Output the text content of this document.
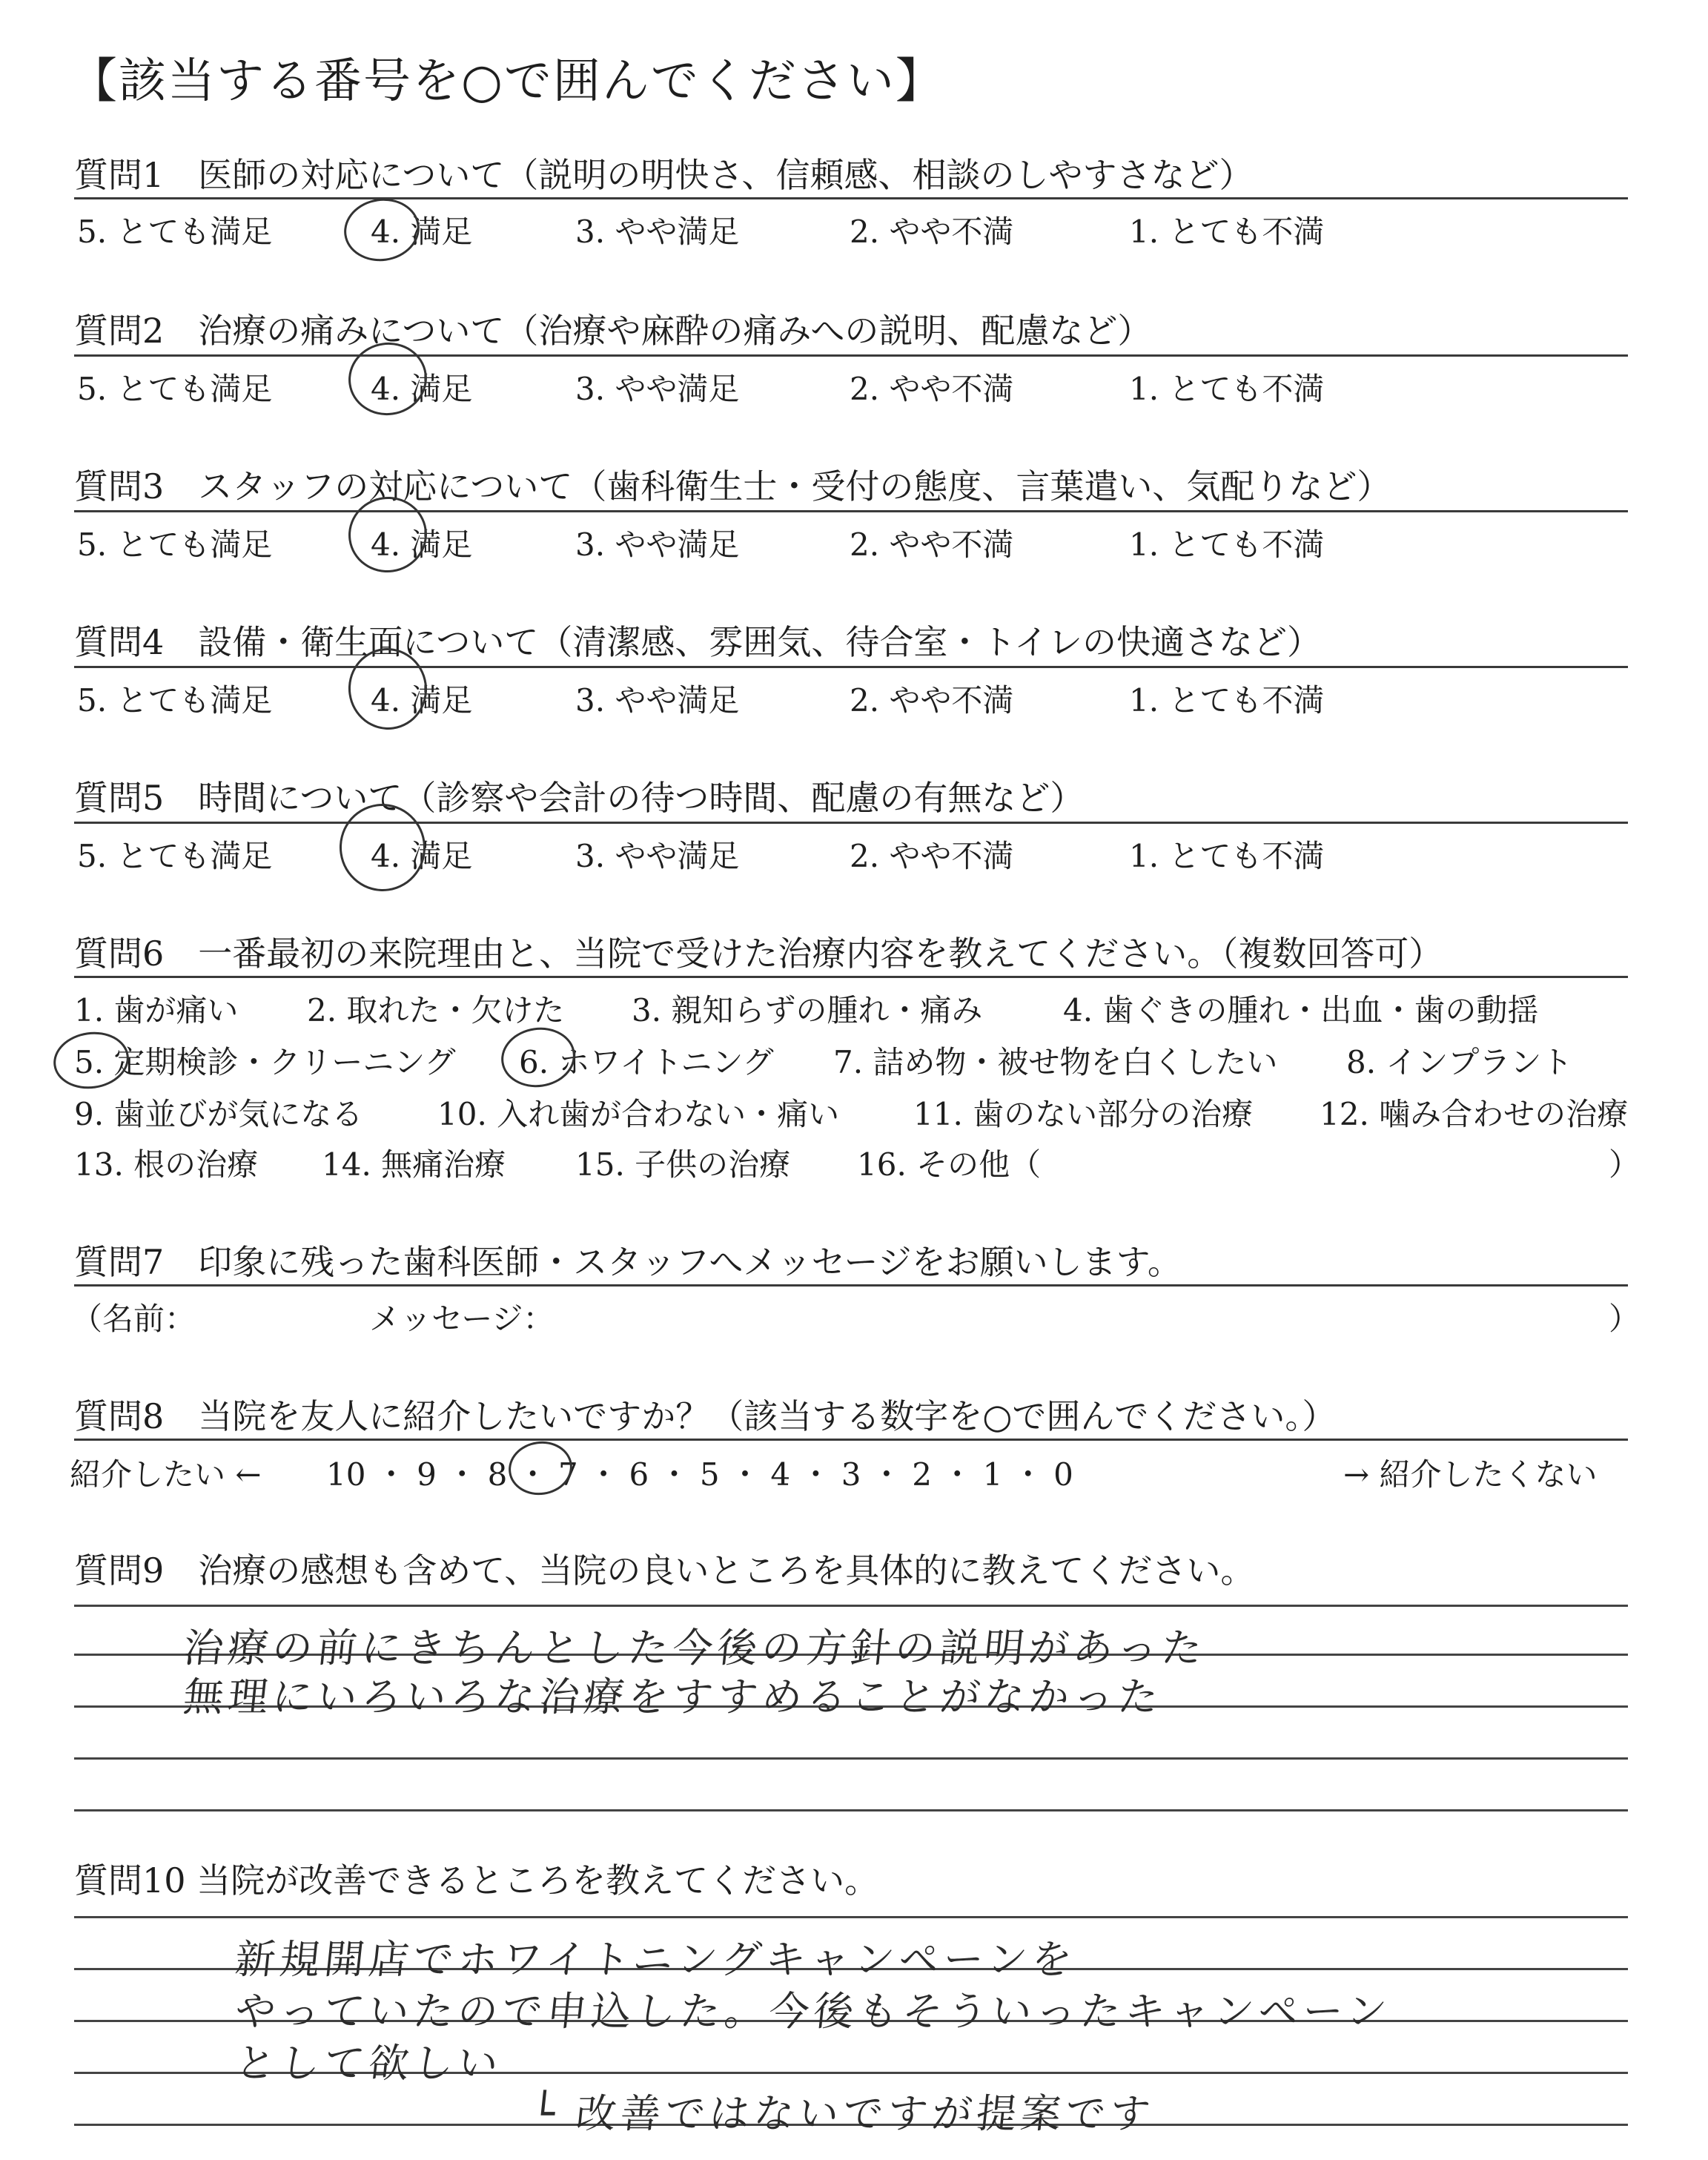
【該当する番号を○で囲んでください】
質問1　医師の対応について（説明の明快さ、信頼感、相談のしやすさなど）
5. とても満足	4. 満足	3. やや満足	2. やや不満	1. とても不満
質問2　治療の痛みについて（治療や麻酔の痛みへの説明、配慮など）
5. とても満足	4. 満足	3. やや満足	2. やや不満	1. とても不満
質問3　スタッフの対応について（歯科衛生士・受付の態度、言葉遣い、気配りなど）
5. とても満足	4. 満足	3. やや満足	2. やや不満	1. とても不満
質問4　設備・衛生面について（清潔感、雰囲気、待合室・トイレの快適さなど）
5. とても満足	4. 満足	3. やや満足	2. やや不満	1. とても不満
質問5　時間について（診察や会計の待つ時間、配慮の有無など）
5. とても満足	4. 満足	3. やや満足	2. やや不満	1. とても不満
質問6　一番最初の来院理由と、当院で受けた治療内容を教えてください。（複数回答可）
1. 歯が痛い 2. 取れた・欠けた 3. 親知らずの腫れ・痛み	4. 歯ぐきの腫れ・出血・歯の動揺
5. 定期検診・クリーニング 6. ホワイトニング 7. 詰め物・被せ物を白くしたい 8. インプラント
9. 歯並びが気になる 10. 入れ歯が合わない・痛い 11. 歯のない部分の治療 12. 噛み合わせの治療
13. 根の治療 14. 無痛治療 15. 子供の治療 16. その他（	）
質問7　印象に残った歯科医師・スタッフへメッセージをお願いします。
（名前：	メッセージ：	）
質問8　当院を友人に紹介したいですか？（該当する数字を○で囲んでください。）
紹介したい ← 10 ・ 9 ・ 8 ・ 7 ・ 6 ・ 5 ・ 4 ・ 3 ・ 2 ・ 1 ・ 0	→ 紹介したくない
質問9　治療の感想も含めて、当院の良いところを具体的に教えてください。
治療の前にきちんとした今後の方針の説明があった
無理にいろいろな治療をすすめることがなかった
質問10 当院が改善できるところを教えてください。
新規開店でホワイトニングキャンペーンを
やっていたので申込した。今後もそういったキャンペーン
として欲しい
└ 改善ではないですが提案です
